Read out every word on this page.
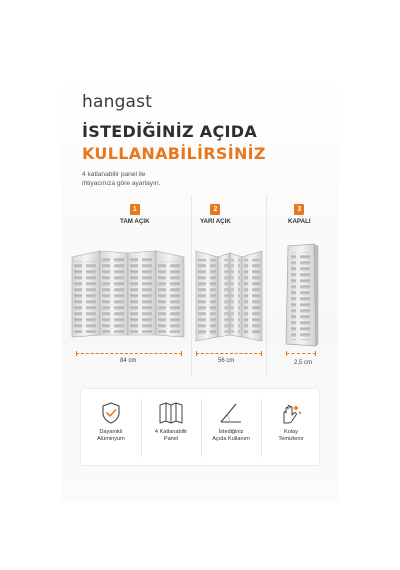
hangast
İSTEDİĞİNİZ AÇIDA
KULLANABİLİRSİNİZ
4 katlanabilir panel ile
ihtiyacınıza göre ayarlayın.
1
TAM AÇIK
2
YARI AÇIK
3
KAPALI
84 cm	56 cm	2,5 cm
Dayanıklı
Alüminyum
4 Katlanabilir
Panel
İstediğiniz
Açıda Kullanım
Kolay
Temizlenir
